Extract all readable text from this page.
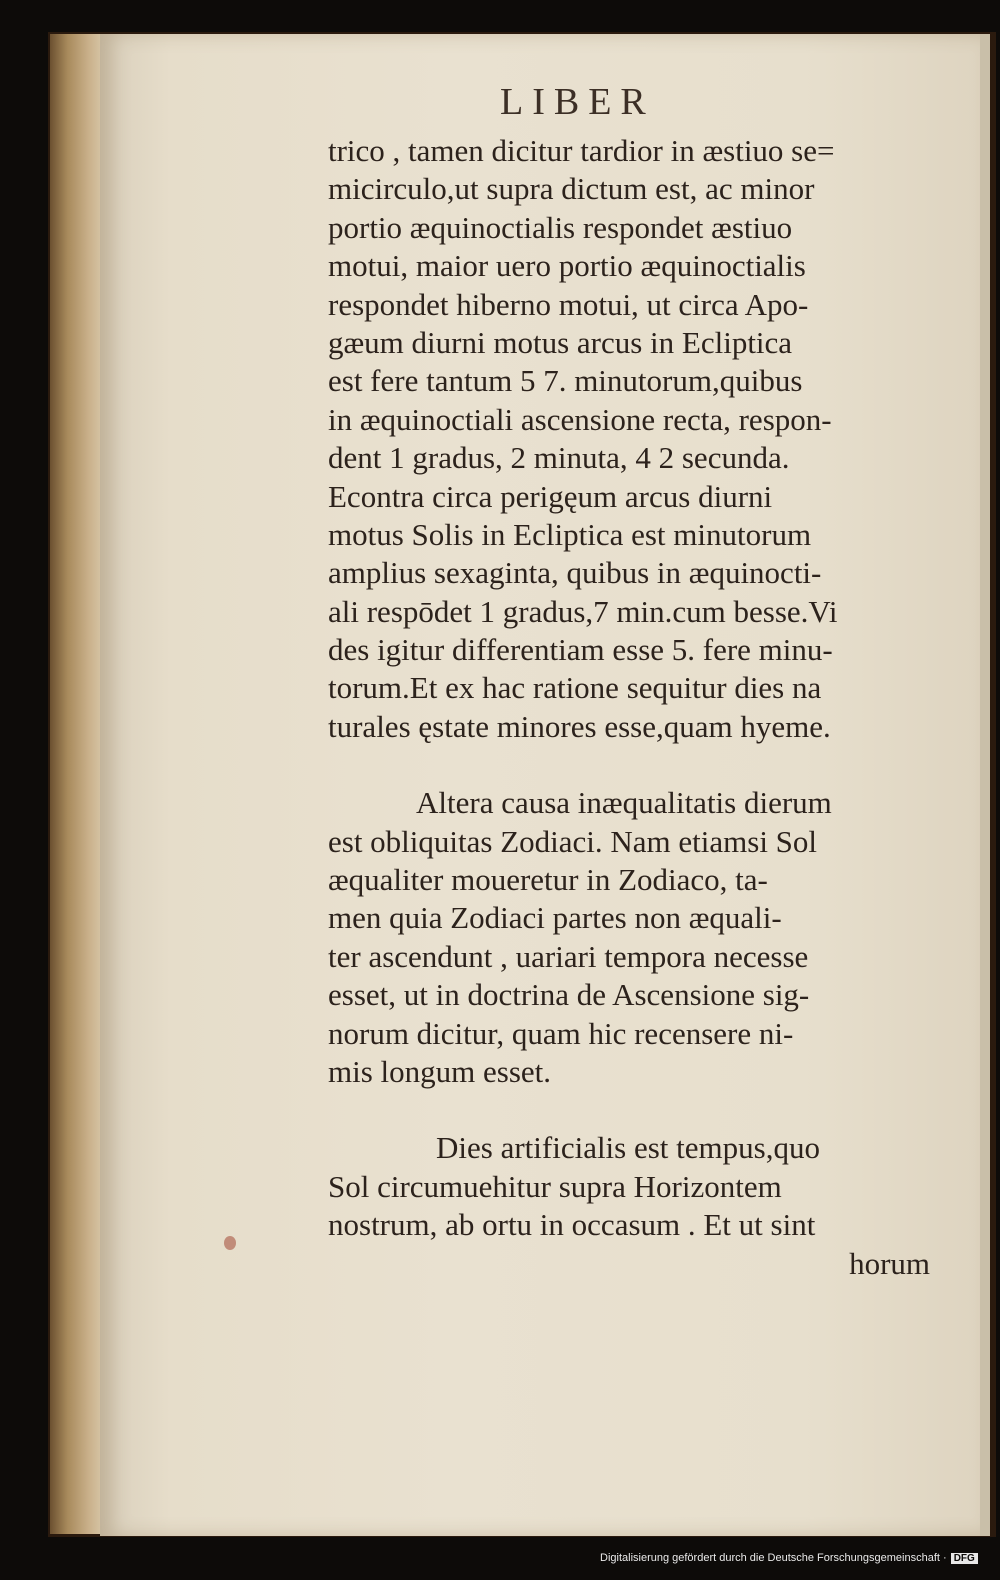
LIBER
trico , tamen dicitur tardior in æstiuo se=
micirculo,ut supra dictum est, ac minor
portio æquinoctialis respondet æstiuo
motui, maior uero portio æquinoctialis
respondet hiberno motui, ut circa Apo-
gæum diurni motus arcus in Ecliptica
est fere tantum 5 7. minutorum,quibus
in æquinoctiali ascensione recta, respon-
dent 1 gradus, 2 minuta, 4 2 secunda.
Econtra circa perigęum arcus diurni
motus Solis in Ecliptica est minutorum
amplius sexaginta, quibus in æquinocti-
ali respōdet 1 gradus,7 min.cum besse.Vi
des igitur differentiam esse 5. fere minu-
torum.Et ex hac ratione sequitur dies na
turales ęstate minores esse,quam hyeme.
Altera causa inæqualitatis dierum
est obliquitas Zodiaci. Nam etiamsi Sol
æqualiter moueretur in Zodiaco, ta-
men quia Zodiaci partes non æquali-
ter ascendunt , uariari tempora necesse
esset, ut in doctrina de Ascensione sig-
norum dicitur, quam hic recensere ni-
mis longum esset.
Dies artificialis est tempus,quo
Sol circumuehitur supra Horizontem
nostrum, ab ortu in occasum . Et ut sint
horum
Digitalisierung gefördert durch die Deutsche Forschungsgemeinschaft · DFG
